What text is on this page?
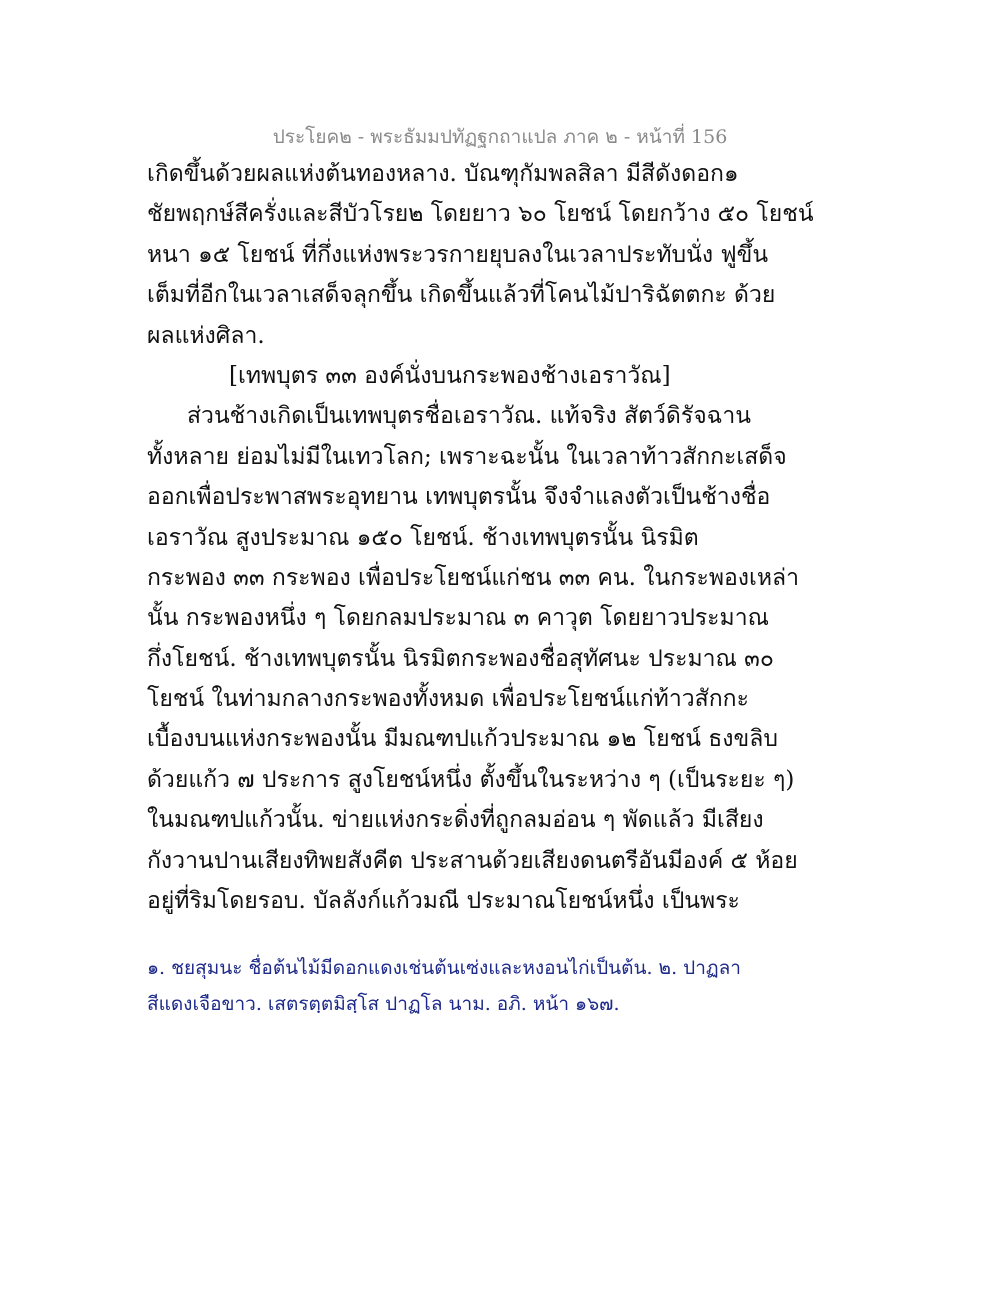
ประโยค๒ - พระธัมมปทัฏฐกถาแปล ภาค ๒ - หน้าที่ 156
เกิดขึ้นด้วยผลแห่งต้นทองหลาง. บัณฑุกัมพลสิลา มีสีดังดอก๑
ชัยพฤกษ์สีครั่งและสีบัวโรย๒ โดยยาว ๖๐ โยชน์ โดยกว้าง ๕๐ โยชน์
หนา ๑๕ โยชน์ ที่กึ่งแห่งพระวรกายยุบลงในเวลาประทับนั่ง ฟูขึ้น
เต็มที่อีกในเวลาเสด็จลุกขึ้น เกิดขึ้นแล้วที่โคนไม้ปาริฉัตตกะ ด้วย
ผลแห่งศิลา.
[เทพบุตร ๓๓ องค์นั่งบนกระพองช้างเอราวัณ]
ส่วนช้างเกิดเป็นเทพบุตรชื่อเอราวัณ. แท้จริง สัตว์ดิรัจฉาน
ทั้งหลาย ย่อมไม่มีในเทวโลก; เพราะฉะนั้น ในเวลาท้าวสักกะเสด็จ
ออกเพื่อประพาสพระอุทยาน เทพบุตรนั้น จึงจำแลงตัวเป็นช้างชื่อ
เอราวัณ สูงประมาณ ๑๕๐ โยชน์. ช้างเทพบุตรนั้น นิรมิต
กระพอง ๓๓ กระพอง เพื่อประโยชน์แก่ชน ๓๓ คน. ในกระพองเหล่า
นั้น กระพองหนึ่ง ๆ โดยกลมประมาณ ๓ คาวุต โดยยาวประมาณ
กึ่งโยชน์. ช้างเทพบุตรนั้น นิรมิตกระพองชื่อสุทัศนะ ประมาณ ๓๐
โยชน์ ในท่ามกลางกระพองทั้งหมด เพื่อประโยชน์แก่ท้าวสักกะ
เบื้องบนแห่งกระพองนั้น มีมณฑปแก้วประมาณ ๑๒ โยชน์ ธงขลิบ
ด้วยแก้ว ๗ ประการ สูงโยชน์หนึ่ง ตั้งขึ้นในระหว่าง ๆ (เป็นระยะ ๆ)
ในมณฑปแก้วนั้น. ข่ายแห่งกระดิ่งที่ถูกลมอ่อน ๆ พัดแล้ว มีเสียง
กังวานปานเสียงทิพยสังคีต ประสานด้วยเสียงดนตรีอันมีองค์ ๕ ห้อย
อยู่ที่ริมโดยรอบ. บัลลังก์แก้วมณี ประมาณโยชน์หนึ่ง เป็นพระ
๑. ชยสุมนะ ชื่อต้นไม้มีดอกแดงเช่นต้นเซ่งและหงอนไก่เป็นต้น. ๒. ปาฏลา
สีแดงเจือขาว. เสตรตฺตมิสฺโส ปาฏโล นาม. อภิ. หน้า ๑๖๗.
